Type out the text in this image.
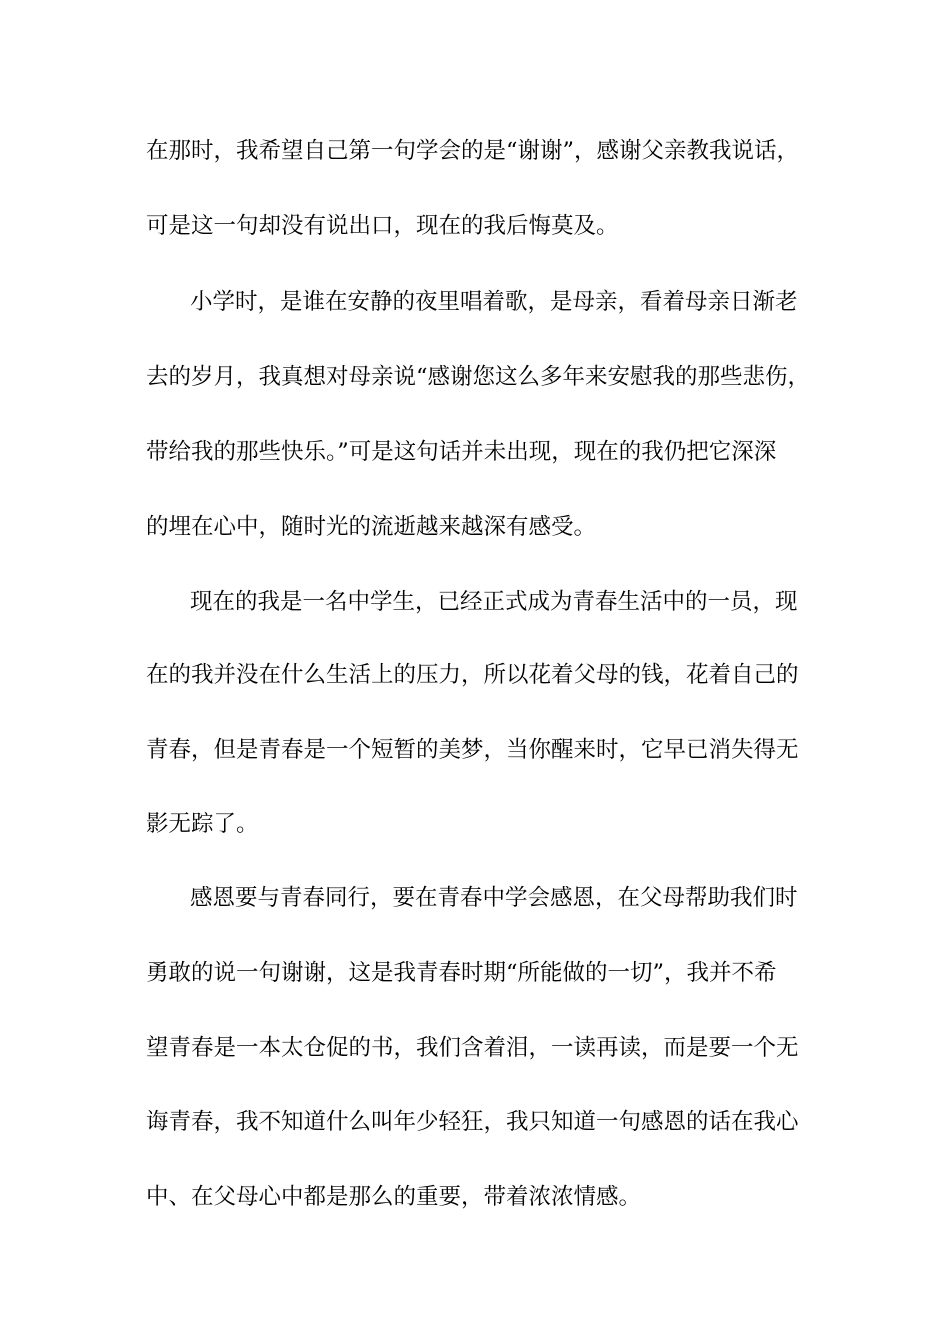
在那时，我希望自己第一句学会的是“谢谢”，感谢父亲教我说话，
可是这一句却没有说出口，现在的我后悔莫及。
小学时，是谁在安静的夜里唱着歌，是母亲，看着母亲日渐老
去的岁月，我真想对母亲说“感谢您这么多年来安慰我的那些悲伤，
带给我的那些快乐。”可是这句话并未出现，现在的我仍把它深深
的埋在心中，随时光的流逝越来越深有感受。
现在的我是一名中学生，已经正式成为青春生活中的一员，现
在的我并没在什么生活上的压力，所以花着父母的钱，花着自己的
青春，但是青春是一个短暂的美梦，当你醒来时，它早已消失得无
影无踪了。
感恩要与青春同行，要在青春中学会感恩，在父母帮助我们时
勇敢的说一句谢谢，这是我青春时期“所能做的一切”，我并不希
望青春是一本太仓促的书，我们含着泪，一读再读，而是要一个无
诲青春，我不知道什么叫年少轻狂，我只知道一句感恩的话在我心
中、在父母心中都是那么的重要，带着浓浓情感。
